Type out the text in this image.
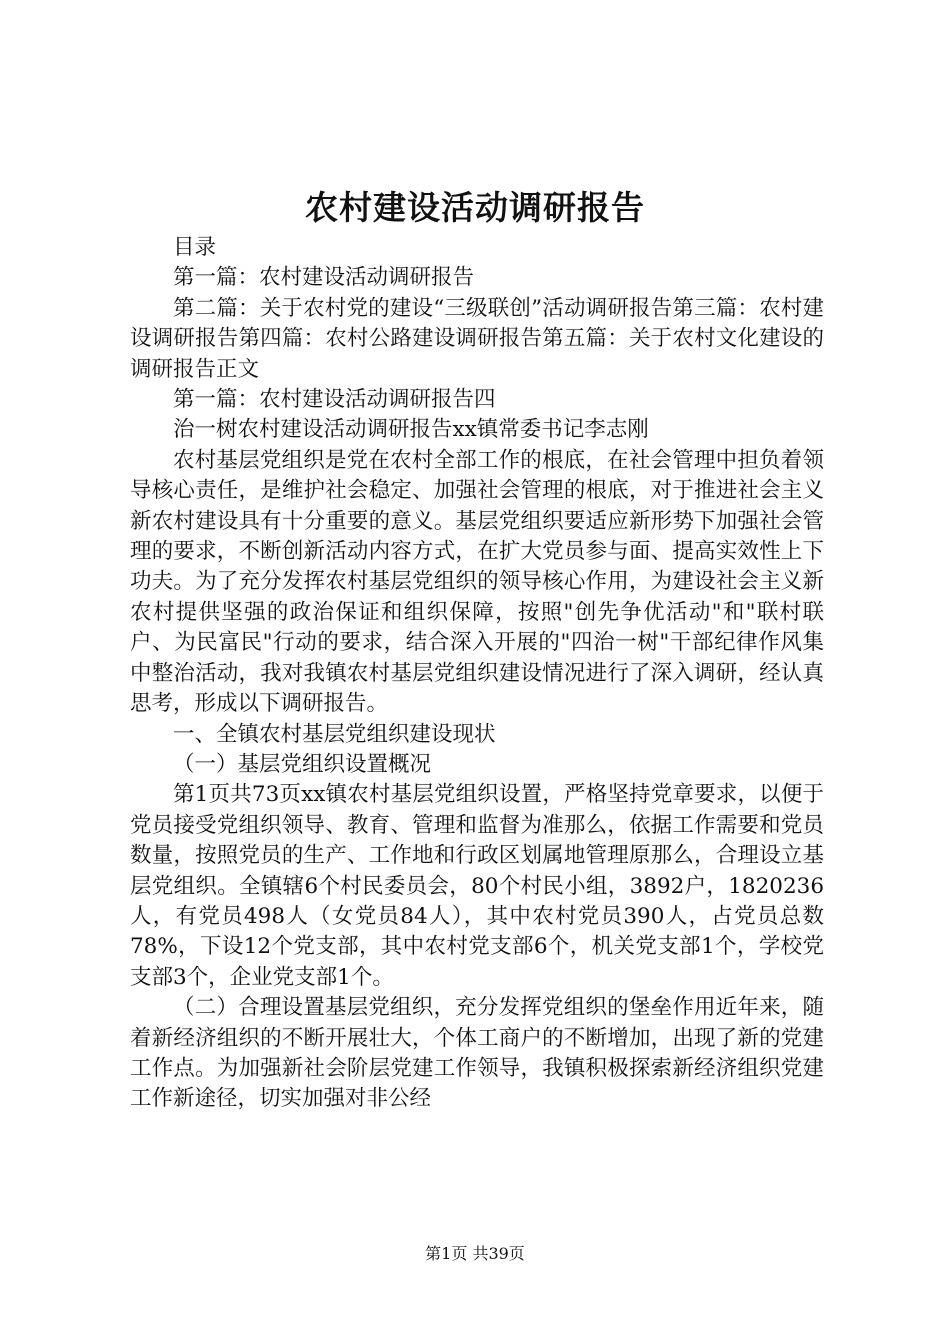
农村建设活动调研报告

目录

第一篇：农村建设活动调研报告

第二篇：关于农村党的建设“三级联创”活动调研报告第三篇：农村建设调研报告第四篇：农村公路建设调研报告第五篇：关于农村文化建设的调研报告正文

第一篇：农村建设活动调研报告四

治一树农村建设活动调研报告xx镇常委书记李志刚

农村基层党组织是党在农村全部工作的根底，在社会管理中担负着领导核心责任，是维护社会稳定、加强社会管理的根底，对于推进社会主义新农村建设具有十分重要的意义。基层党组织要适应新形势下加强社会管理的要求，不断创新活动内容方式，在扩大党员参与面、提高实效性上下功夫。为了充分发挥农村基层党组织的领导核心作用，为建设社会主义新农村提供坚强的政治保证和组织保障，按照"创先争优活动"和"联村联户、为民富民"行动的要求，结合深入开展的"四治一树"干部纪律作风集中整治活动，我对我镇农村基层党组织建设情况进行了深入调研，经认真思考，形成以下调研报告。

一、全镇农村基层党组织建设现状

（一）基层党组织设置概况

第1页共73页xx镇农村基层党组织设置，严格坚持党章要求，以便于党员接受党组织领导、教育、管理和监督为准那么，依据工作需要和党员数量，按照党员的生产、工作地和行政区划属地管理原那么，合理设立基层党组织。全镇辖6个村民委员会，80个村民小组，3892户，1820236人，有党员498人（女党员84人），其中农村党员390人，占党员总数78%，下设12个党支部，其中农村党支部6个，机关党支部1个，学校党支部3个，企业党支部1个。

（二）合理设置基层党组织，充分发挥党组织的堡垒作用近年来，随着新经济组织的不断开展壮大，个体工商户的不断增加，出现了新的党建工作点。为加强新社会阶层党建工作领导，我镇积极探索新经济组织党建工作新途径，切实加强对非公经

第1页 共39页
